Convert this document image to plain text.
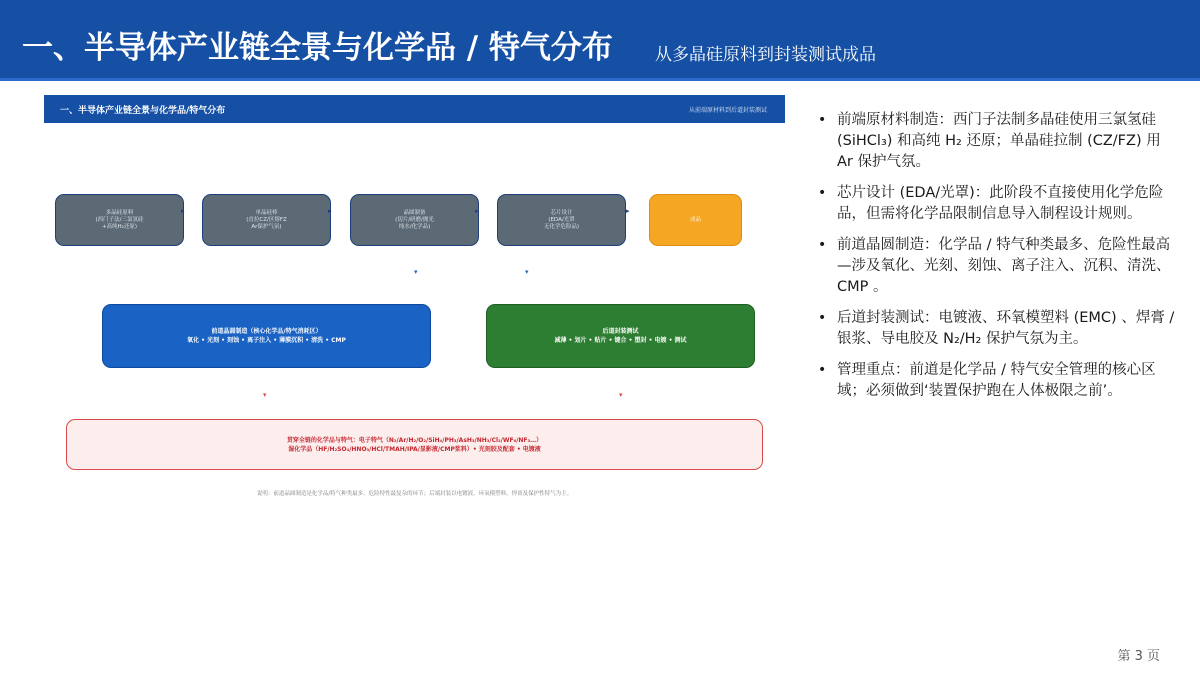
一、半导体产业链全景与化学品 / 特气分布 从多晶硅原料到封装测试成品
一、半导体产业链全景与化学品/特气分布	从前端原材料到后道封装测试
多晶硅原料
(西门子法/三氯氢硅
+高纯H₂还原)
单晶硅棒
(直拉CZ/区熔FZ
Ar保护气氛)
晶圆制备
(切片/研磨/抛光
纯水/化学品)
芯片设计
(EDA/光罩
无化学危险品)
成品
▸	▸	▸	▸
▾	▾
前道晶圆制造（核心化学品/特气消耗区）
氧化 • 光刻 • 刻蚀 • 离子注入 • 薄膜沉积 • 清洗 • CMP
后道封装测试
减薄 • 划片 • 贴片 • 键合 • 塑封 • 电镀 • 测试
▾	▾
贯穿全链的化学品与特气：电子特气（N₂/Ar/H₂/O₂/SiH₄/PH₃/AsH₃/NH₃/Cl₂/WF₆/NF₃…）
湿化学品（HF/H₂SO₄/HNO₃/HCl/TMAH/IPA/显影液/CMP浆料）• 光刻胶及配套 • 电镀液
说明：前道晶圆制造是化学品/特气种类最多、危险特性最复杂的环节；后端封装以电镀液、环氧模塑料、焊膏及保护性特气为主。
• 前端原材料制造：西门子法制多晶硅使用三氯氢硅 (SiHCl₃) 和高纯 H₂ 还原；单晶硅拉制 (CZ/FZ) 用 Ar 保护气氛。
• 芯片设计 (EDA/光罩)：此阶段不直接使用化学危险品，但需将化学品限制信息导入制程设计规则。
• 前道晶圆制造：化学品 / 特气种类最多、危险性最高—涉及氧化、光刻、刻蚀、离子注入、沉积、清洗、 CMP 。
• 后道封装测试：电镀液、环氧模塑料 (EMC) 、焊膏 / 银浆、导电胶及 N₂/H₂ 保护气氛为主。
• 管理重点：前道是化学品 / 特气安全管理的核心区域；必须做到‘装置保护跑在人体极限之前’。
第 3 页
